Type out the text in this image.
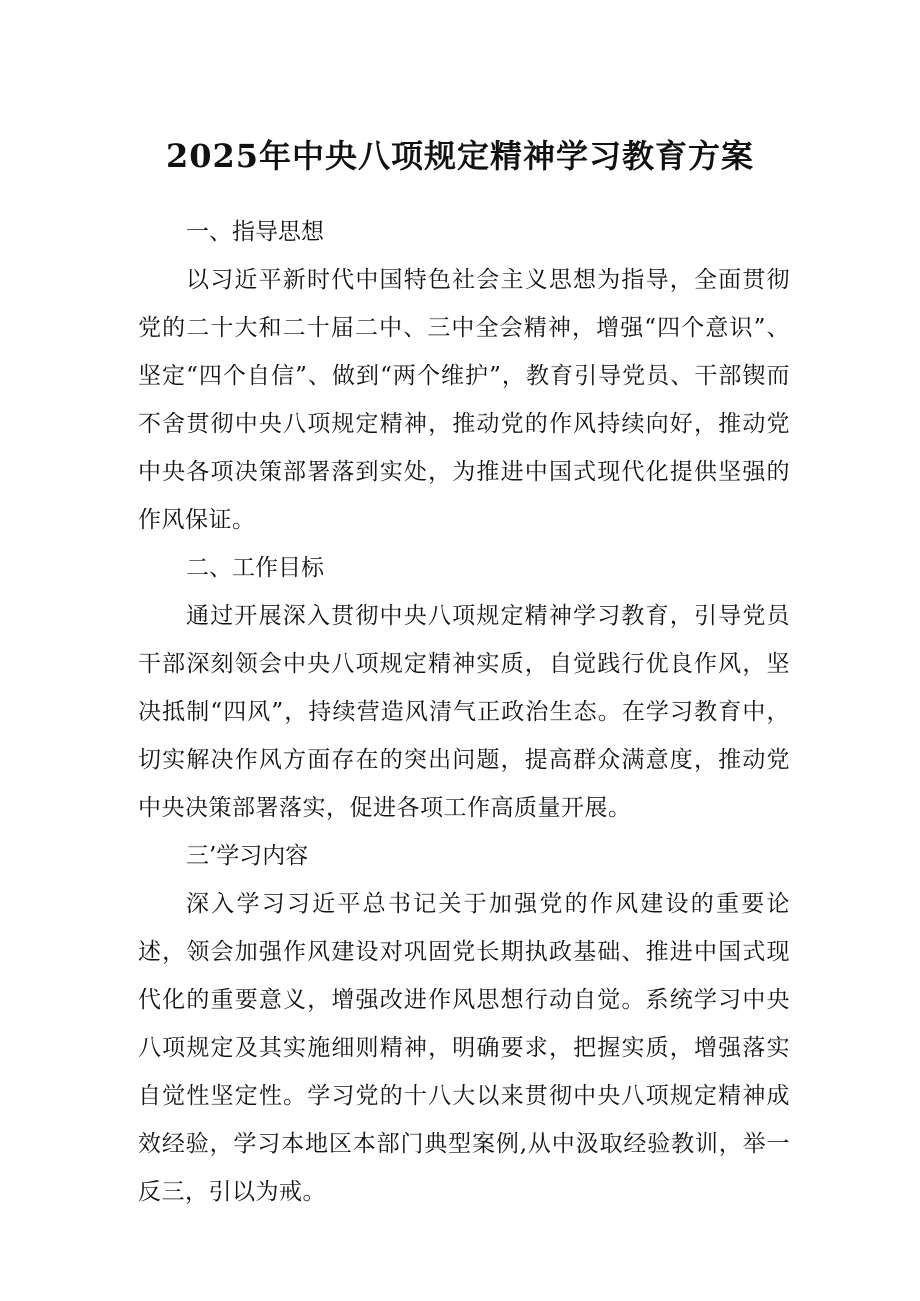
2025年中央八项规定精神学习教育方案

一、指导思想

以习近平新时代中国特色社会主义思想为指导，全面贯彻党的二十大和二十届二中、三中全会精神，增强“四个意识”、坚定“四个自信”、做到“两个维护”，教育引导党员、干部锲而不舍贯彻中央八项规定精神，推动党的作风持续向好，推动党中央各项决策部署落到实处，为推进中国式现代化提供坚强的作风保证。

二、工作目标

通过开展深入贯彻中央八项规定精神学习教育，引导党员干部深刻领会中央八项规定精神实质，自觉践行优良作风，坚决抵制“四风”，持续营造风清气正政治生态。在学习教育中，切实解决作风方面存在的突出问题，提高群众满意度，推动党中央决策部署落实，促进各项工作高质量开展。

三’学习内容

深入学习习近平总书记关于加强党的作风建设的重要论述，领会加强作风建设对巩固党长期执政基础、推进中国式现代化的重要意义，增强改进作风思想行动自觉。系统学习中央八项规定及其实施细则精神，明确要求，把握实质，增强落实自觉性坚定性。学习党的十八大以来贯彻中央八项规定精神成效经验，学习本地区本部门典型案例,从中汲取经验教训，举一反三，引以为戒。
